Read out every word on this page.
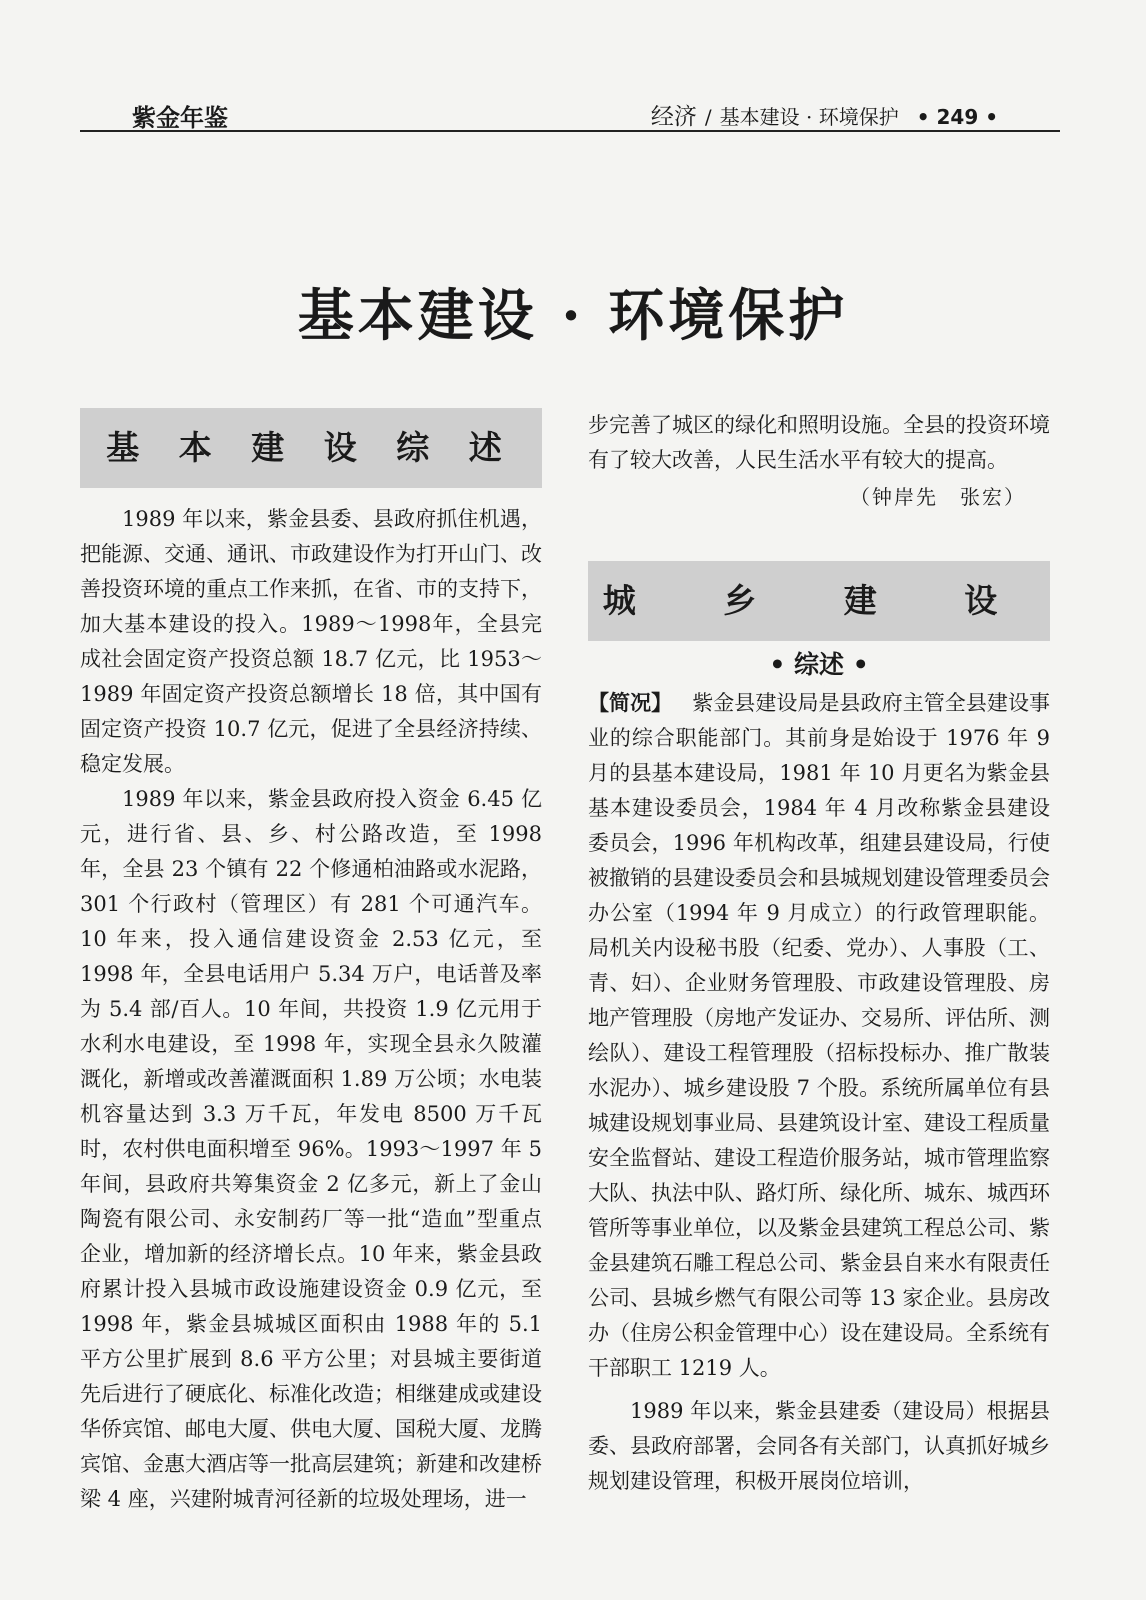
紫金年鉴	经济 / 基本建设 · 环境保护 • 249 •
基本建设 · 环境保护
基 本 建 设 综 述

1989 年以来，紫金县委、县政府抓住机遇，把能源、交通、通讯、市政建设作为打开山门、改善投资环境的重点工作来抓，在省、市的支持下，加大基本建设的投入。1989～1998年，全县完成社会固定资产投资总额 18.7 亿元，比 1953～1989 年固定资产投资总额增长 18 倍，其中国有固定资产投资 10.7 亿元，促进了全县经济持续、稳定发展。

1989 年以来，紫金县政府投入资金 6.45 亿元，进行省、县、乡、村公路改造，至 1998 年，全县 23 个镇有 22 个修通柏油路或水泥路，301 个行政村（管理区）有 281 个可通汽车。10 年来，投入通信建设资金 2.53 亿元，至 1998 年，全县电话用户 5.34 万户，电话普及率为 5.4 部/百人。10 年间，共投资 1.9 亿元用于水利水电建设，至 1998 年，实现全县永久陂灌溉化，新增或改善灌溉面积 1.89 万公顷；水电装机容量达到 3.3 万千瓦，年发电 8500 万千瓦时，农村供电面积增至 96%。1993～1997 年 5 年间，县政府共筹集资金 2 亿多元，新上了金山陶瓷有限公司、永安制药厂等一批“造血”型重点企业，增加新的经济增长点。10 年来，紫金县政府累计投入县城市政设施建设资金 0.9 亿元，至 1998 年，紫金县城城区面积由 1988 年的 5.1 平方公里扩展到 8.6 平方公里；对县城主要街道先后进行了硬底化、标准化改造；相继建成或建设华侨宾馆、邮电大厦、供电大厦、国税大厦、龙腾宾馆、金惠大酒店等一批高层建筑；新建和改建桥梁 4 座，兴建附城青河径新的垃圾处理场，进一

步完善了城区的绿化和照明设施。全县的投资环境有了较大改善，人民生活水平有较大的提高。

（钟岸先　张宏）
城 乡 建 设
• 综述 •

【简况】 紫金县建设局是县政府主管全县建设事业的综合职能部门。其前身是始设于 1976 年 9 月的县基本建设局，1981 年 10 月更名为紫金县基本建设委员会，1984 年 4 月改称紫金县建设委员会，1996 年机构改革，组建县建设局，行使被撤销的县建设委员会和县城规划建设管理委员会办公室（1994 年 9 月成立）的行政管理职能。局机关内设秘书股（纪委、党办）、人事股（工、青、妇）、企业财务管理股、市政建设管理股、房地产管理股（房地产发证办、交易所、评估所、测绘队）、建设工程管理股（招标投标办、推广散装水泥办）、城乡建设股 7 个股。系统所属单位有县城建设规划事业局、县建筑设计室、建设工程质量安全监督站、建设工程造价服务站，城市管理监察大队、执法中队、路灯所、绿化所、城东、城西环管所等事业单位，以及紫金县建筑工程总公司、紫金县建筑石雕工程总公司、紫金县自来水有限责任公司、县城乡燃气有限公司等 13 家企业。县房改办（住房公积金管理中心）设在建设局。全系统有干部职工 1219 人。

1989 年以来，紫金县建委（建设局）根据县委、县政府部署，会同各有关部门，认真抓好城乡规划建设管理，积极开展岗位培训，
